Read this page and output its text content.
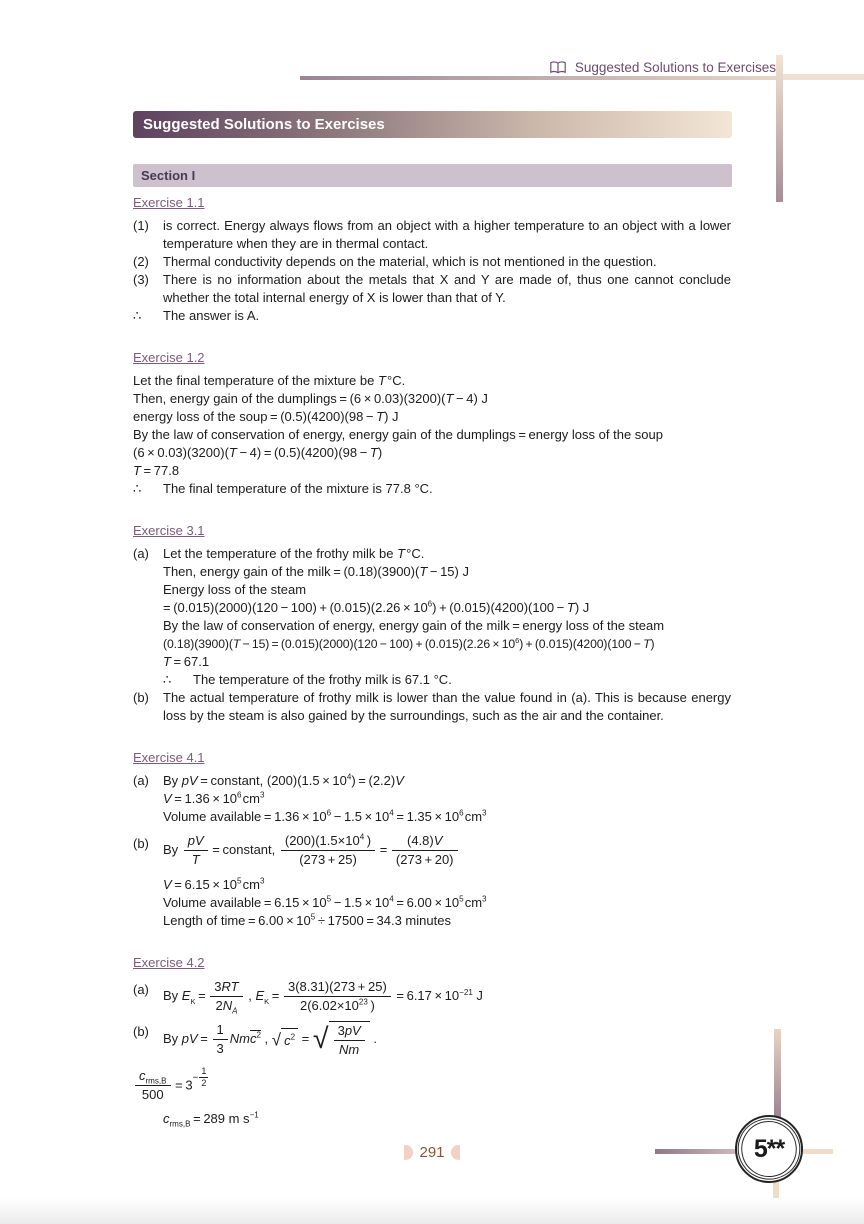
Suggested Solutions to Exercises
Suggested Solutions to Exercises
Section I
Exercise 1.1
(1)	is correct. Energy always flows from an object with a higher temperature to an object with a lower temperature when they are in thermal contact.
(2)	Thermal conductivity depends on the material, which is not mentioned in the question.
(3)	There is no information about the metals that X and Y are made of, thus one cannot conclude whether the total internal energy of X is lower than that of Y.
∴	The answer is A.
Exercise 1.2
Let the final temperature of the mixture be T °C.
Then, energy gain of the dumplings = (6 × 0.03)(3200)(T − 4) J
energy loss of the soup = (0.5)(4200)(98 − T) J
By the law of conservation of energy, energy gain of the dumplings = energy loss of the soup
(6 × 0.03)(3200)(T − 4) = (0.5)(4200)(98 − T)
T = 77.8
∴	The final temperature of the mixture is 77.8 °C.
Exercise 3.1
(a)	Let the temperature of the frothy milk be T °C.
Then, energy gain of the milk = (0.18)(3900)(T − 15) J
Energy loss of the steam
= $(0.015)(2000)(120 - 100) + (0.015)(2.26 \times 10^6) + (0.015)(4200)(100 - T)$ J
By the law of conservation of energy, energy gain of the milk = energy loss of the steam
$(0.18)(3900)(T - 15) = (0.015)(2000)(120 - 100) + (0.015)(2.26 \times 10^6) + (0.015)(4200)(100 - T)$
T = 67.1
∴	The temperature of the frothy milk is 67.1 °C.
(b)	The actual temperature of frothy milk is lower than the value found in (a). This is because energy loss by the steam is also gained by the surroundings, such as the air and the container.
Exercise 4.1
(a)	By pV = constant, $(200)(1.5 \times 10^4) = (2.2)V$
$V = 1.36 \times 10^6$ $cm^3$
Volume available = $1.36 \times 10^6 - 1.5 \times 10^4 = 1.35 \times 10^6$ $cm^3$
(b)	By $\frac{pV}{T}$  = constant, $\frac{(200)(1.5\times 10^4 )}{(273 + 25)} = \frac{(4.8)V}{(273 + 20)}$
$V = 6.15 \times 10^5$ $cm^3$
Volume available = $6.15 \times 10^5 - 1.5 \times 10^4 = 6.00 \times 10^5$ $cm^3$
Length of time = $6.00 \times 10^5 \div 17500 = 34.3$ minutes
Exercise 4.2
(a)	By $E_K = \frac{3RT}{2N_A}$ , $E_K = \frac{3(8.31)(273 + 25)}{2(6.02\times 10^{23} )} = 6.17 \times 10^{-21}$ J
(b)	By pV =  $\frac{1}{3} Nmc^2$ , √ $c^2$ = √ $\frac{3pV}{Nm}$ .
$c_{rms,B}$
500
 = $3^{- \frac{1}{2}}$
$c_{rms,B} = 289$ m $s^{-1}$
291	5**
